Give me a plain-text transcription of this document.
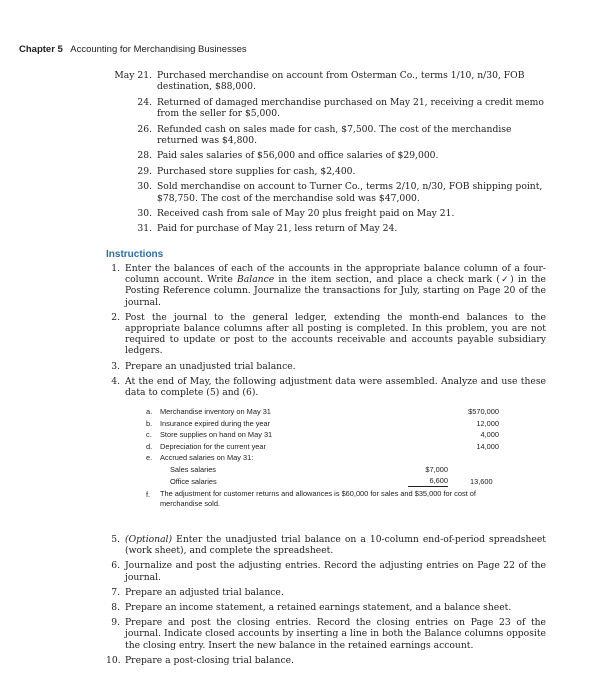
Chapter 5 Accounting for Merchandising Businesses
May 21. Purchased merchandise on account from Osterman Co., terms 1/10, n/30, FOB destination, $88,000.
24. Returned of damaged merchandise purchased on May 21, receiving a credit memo from the seller for $5,000.
26. Refunded cash on sales made for cash, $7,500. The cost of the merchandise returned was $4,800.
28. Paid sales salaries of $56,000 and office salaries of $29,000.
29. Purchased store supplies for cash, $2,400.
30. Sold merchandise on account to Turner Co., terms 2/10, n/30, FOB shipping point, $78,750. The cost of the merchandise sold was $47,000.
30. Received cash from sale of May 20 plus freight paid on May 21.
31. Paid for purchase of May 21, less return of May 24.
Instructions
1. Enter the balances of each of the accounts in the appropriate balance column of a four-column account. Write Balance in the item section, and place a check mark (✓) in the Posting Reference column. Journalize the transactions for July, starting on Page 20 of the journal.
2. Post the journal to the general ledger, extending the month-end balances to the appropriate balance columns after all posting is completed. In this problem, you are not required to update or post to the accounts receivable and accounts payable subsidiary ledgers.
3. Prepare an unadjusted trial balance.
4. At the end of May, the following adjustment data were assembled. Analyze and use these data to complete (5) and (6).
a. Merchandise inventory on May 31	$570,000
b. Insurance expired during the year	12,000
c. Store supplies on hand on May 31	4,000
d. Depreciation for the current year	14,000
e. Accrued salaries on May 31:
Sales salaries	$7,000
Office salaries	6,600	13,600
f.	The adjustment for customer returns and allowances is $60,000 for sales and $35,000 for cost of merchandise sold.
5. (Optional) Enter the unadjusted trial balance on a 10-column end-of-period spreadsheet (work sheet), and complete the spreadsheet.
6. Journalize and post the adjusting entries. Record the adjusting entries on Page 22 of the journal.
7. Prepare an adjusted trial balance.
8. Prepare an income statement, a retained earnings statement, and a balance sheet.
9. Prepare and post the closing entries. Record the closing entries on Page 23 of the journal. Indicate closed accounts by inserting a line in both the Balance columns opposite the closing entry. Insert the new balance in the retained earnings account.
10. Prepare a post-closing trial balance.
